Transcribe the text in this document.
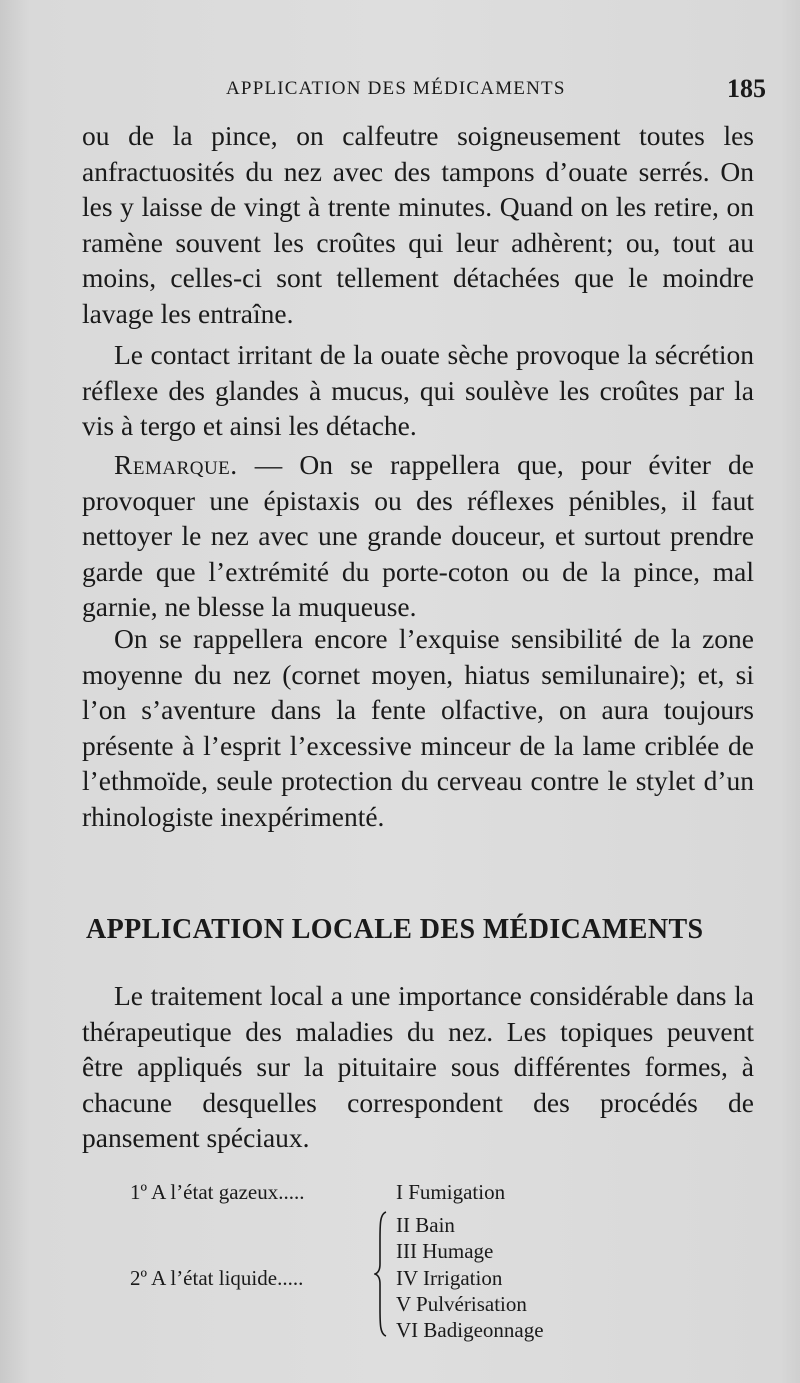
APPLICATION DES MÉDICAMENTS	185

ou de la pince, on calfeutre soigneusement toutes les anfractuosités du nez avec des tampons d’ouate serrés. On les y laisse de vingt à trente minutes. Quand on les retire, on ramène souvent les croûtes qui leur adhèrent; ou, tout au moins, celles-ci sont tellement détachées que le moindre lavage les entraîne.

Le contact irritant de la ouate sèche provoque la sécrétion réflexe des glandes à mucus, qui soulève les croûtes par la vis à tergo et ainsi les détache.

Remarque. — On se rappellera que, pour éviter de provoquer une épistaxis ou des réflexes pénibles, il faut nettoyer le nez avec une grande douceur, et surtout prendre garde que l’extrémité du porte-coton ou de la pince, mal garnie, ne blesse la muqueuse.

On se rappellera encore l’exquise sensibilité de la zone moyenne du nez (cornet moyen, hiatus semilunaire); et, si l’on s’aventure dans la fente olfactive, on aura toujours présente à l’esprit l’excessive minceur de la lame criblée de l’ethmoïde, seule protection du cerveau contre le stylet d’un rhinologiste inexpérimenté.

APPLICATION LOCALE DES MÉDICAMENTS

Le traitement local a une importance considérable dans la thérapeutique des maladies du nez. Les topiques peuvent être appliqués sur la pituitaire sous différentes formes, à chacune desquelles correspondent des procédés de pansement spéciaux.

1º A l’état gazeux.....	I Fumigation
2º A l’état liquide.....
II Bain
III Humage
IV Irrigation
V Pulvérisation
VI Badigeonnage
